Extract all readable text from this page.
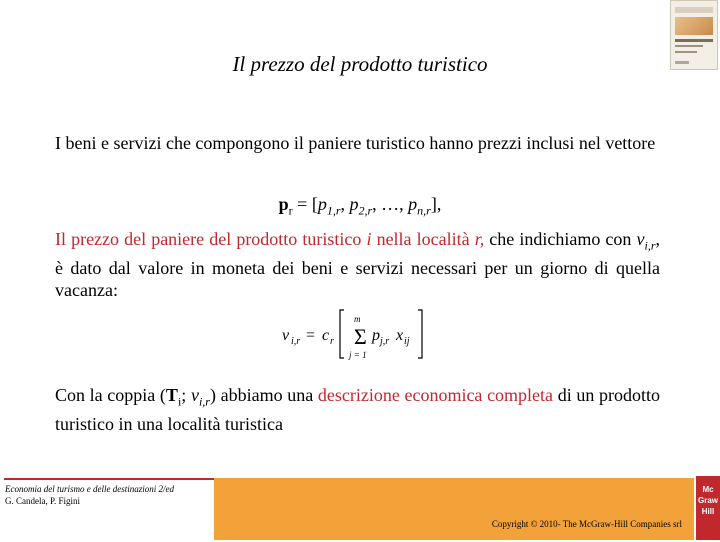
Il prezzo del prodotto turistico
I beni e servizi che compongono il paniere turistico hanno prezzi inclusi nel vettore
$p_r = [p_{1,r}$, $p_{2,r}$, …, $p_{n,r}$],
Il prezzo del paniere del prodotto turistico i nella località r, che indichiamo con $v_{i,r}$, è dato dal valore in moneta dei beni e servizi necessari per un giorno di quella vacanza:
v i,r = c r
m
Σ
j = 1
p j,r x ij
Con la coppia ($T_i$; $v_{i,r}$) abbiamo una descrizione economica completa di un prodotto turistico in una località turistica
Economia del turismo e delle destinazioni 2/ed
G. Candela, P. Figini
Copyright © 2010- The McGraw-Hill Companies srl
Mc
Graw
Hill
